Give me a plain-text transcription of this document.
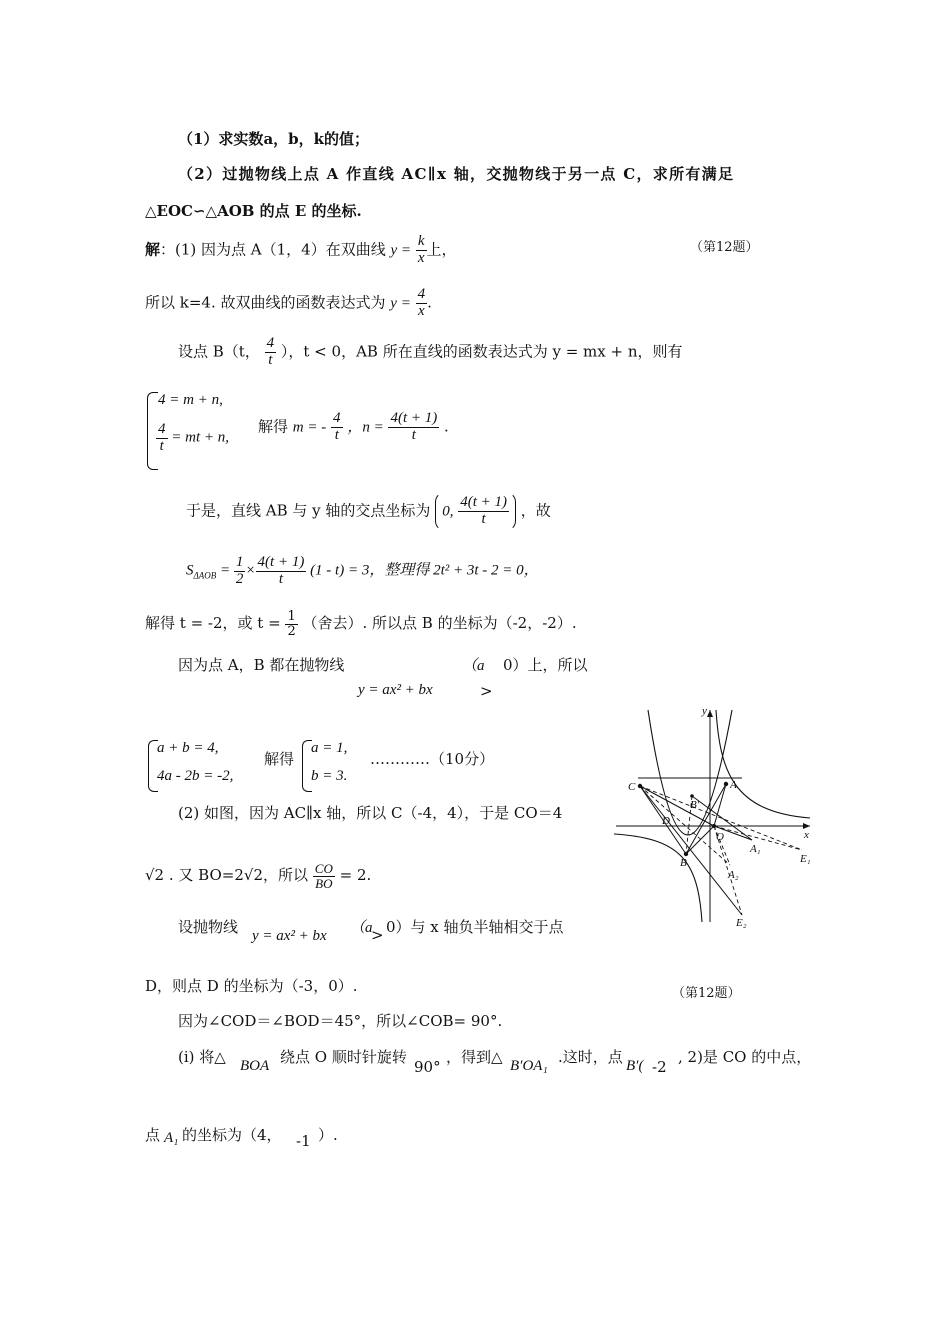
（1）求实数a，b，k的值；
（2）过抛物线上点 A 作直线 AC∥x 轴，交抛物线于另一点 C，求所有满足
△EOC∽△AOB 的点 E 的坐标.
（第12题）
解：(1) 因为点 A（1，4）在双曲线 $y = \frac{k}{x}$ 上，
所以 k=4. 故双曲线的函数表达式为 $y = \frac{4}{x}$ .
设点 B（t， $\frac{4}{t}$ ），t < 0，AB 所在直线的函数表达式为 y = mx + n，则有
4 = m + n,
$\frac{4}{t}$ = mt + n,
解得 m = - $\frac{4}{t}$ ，$n = \frac{4(t + 1)}{t}$ .
于是，直线 AB 与 y 轴的交点坐标为 0, $\frac{4(t + 1)}{t}$ ，故
$S_{\Delta AOB} = \frac{1}{2} \times \frac{4(t + 1)}{t} (1 - t) = 3$，整理得 2t² + 3t - 2 = 0，
解得 t = -2，或 $t = \frac{1}{2}$ （舍去）. 所以点 B 的坐标为（-2，-2）.
因为点 A，B 都在抛物线	（a 0）上，所以
y = ax² + bx	>
a + b = 4,
4a - 2b = -2,
解得
a = 1,
b = 3.
…………（10分）
(2) 如图，因为 AC∥x 轴，所以 C（-4，4），于是 CO＝4
√2 . 又 BO=2√2，所以 $\frac{CO}{BO} = 2$.
设抛物线 y = ax² + bx （a
> 0）与 x 轴负半轴相交于点
D，则点 D 的坐标为（-3，0）.	（第12题）
因为∠COD＝∠BOD＝45°，所以∠COB= 90°.
(i) 将△ BOA 绕点 O 顺时针旋转
90°
，得到△ B′OA₁ .这时，点 B′( -2
, 2)是 CO 的中点，
点 A₁ 的坐标为（4， -1 ）.
y
x
C	A
B′
D
O
A₁
E₁
B
A₂
E₂
